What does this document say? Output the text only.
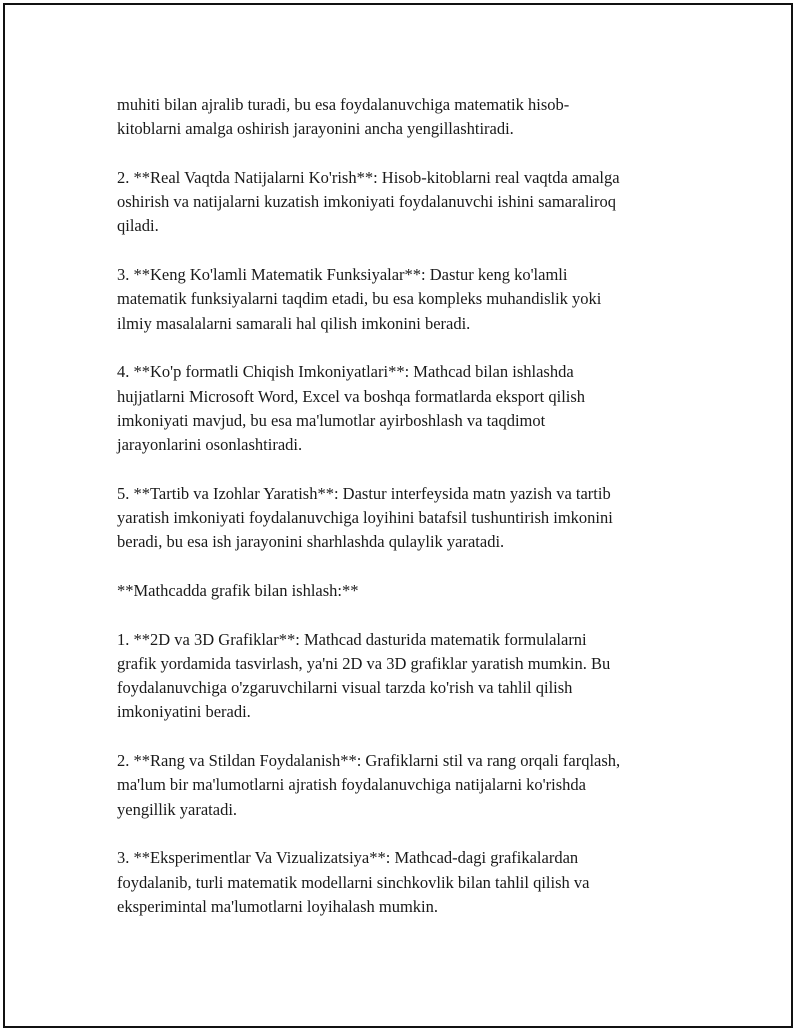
muhiti bilan ajralib turadi, bu esa foydalanuvchiga matematik hisob-
kitoblarni amalga oshirish jarayonini ancha yengillashtiradi.

2. **Real Vaqtda Natijalarni Ko'rish**: Hisob-kitoblarni real vaqtda amalga
oshirish va natijalarni kuzatish imkoniyati foydalanuvchi ishini samaraliroq
qiladi.

3. **Keng Ko'lamli Matematik Funksiyalar**: Dastur keng ko'lamli
matematik funksiyalarni taqdim etadi, bu esa kompleks muhandislik yoki
ilmiy masalalarni samarali hal qilish imkonini beradi.

4. **Ko'p formatli Chiqish Imkoniyatlari**: Mathcad bilan ishlashda
hujjatlarni Microsoft Word, Excel va boshqa formatlarda eksport qilish
imkoniyati mavjud, bu esa ma'lumotlar ayirboshlash va taqdimot
jarayonlarini osonlashtiradi.

5. **Tartib va Izohlar Yaratish**: Dastur interfeysida matn yazish va tartib
yaratish imkoniyati foydalanuvchiga loyihini batafsil tushuntirish imkonini
beradi, bu esa ish jarayonini sharhlashda qulaylik yaratadi.

**Mathcadda grafik bilan ishlash:**

1. **2D va 3D Grafiklar**: Mathcad dasturida matematik formulalarni
grafik yordamida tasvirlash, ya'ni 2D va 3D grafiklar yaratish mumkin. Bu
foydalanuvchiga o'zgaruvchilarni visual tarzda ko'rish va tahlil qilish
imkoniyatini beradi.

2. **Rang va Stildan Foydalanish**: Grafiklarni stil va rang orqali farqlash,
ma'lum bir ma'lumotlarni ajratish foydalanuvchiga natijalarni ko'rishda
yengillik yaratadi.

3. **Eksperimentlar Va Vizualizatsiya**: Mathcad-dagi grafikalardan
foydalanib, turli matematik modellarni sinchkovlik bilan tahlil qilish va
eksperimintal ma'lumotlarni loyihalash mumkin.
